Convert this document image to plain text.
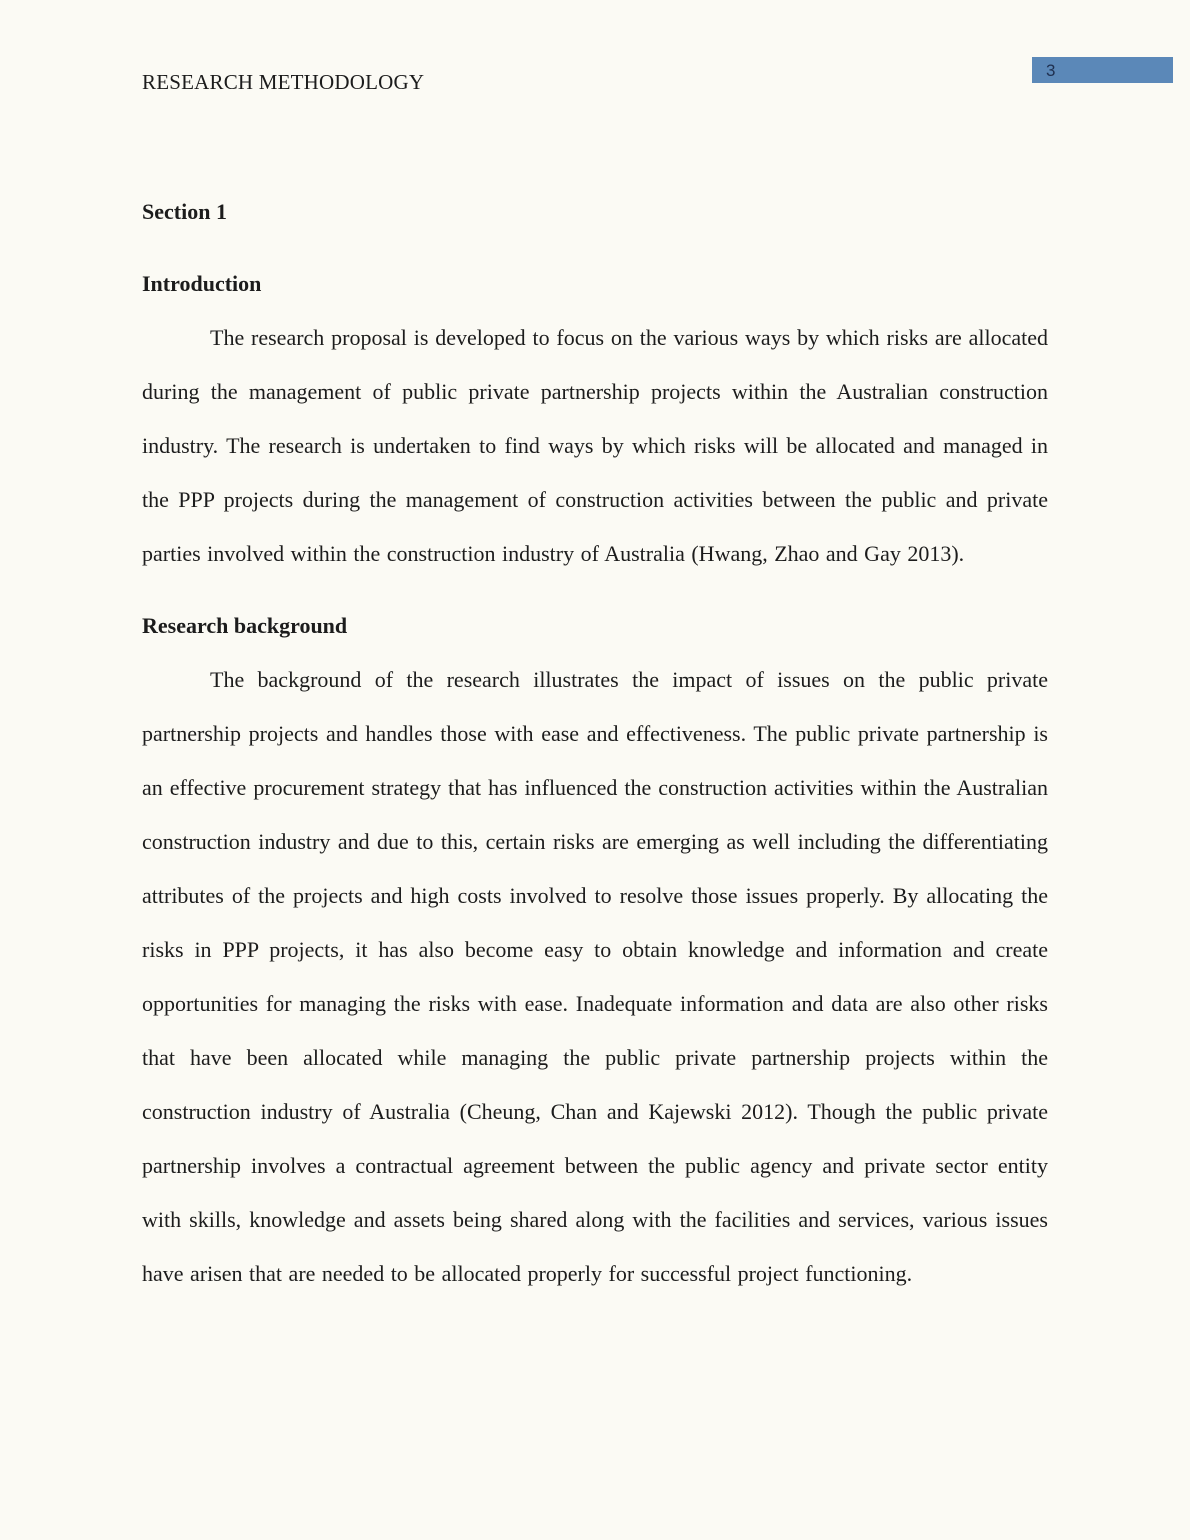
RESEARCH METHODOLOGY	3
Section 1
Introduction

The research proposal is developed to focus on the various ways by which risks are allocated during the management of public private partnership projects within the Australian construction industry. The research is undertaken to find ways by which risks will be allocated and managed in the PPP projects during the management of construction activities between the public and private parties involved within the construction industry of Australia (Hwang, Zhao and Gay 2013).

Research background

The background of the research illustrates the impact of issues on the public private partnership projects and handles those with ease and effectiveness. The public private partnership is an effective procurement strategy that has influenced the construction activities within the Australian construction industry and due to this, certain risks are emerging as well including the differentiating attributes of the projects and high costs involved to resolve those issues properly. By allocating the risks in PPP projects, it has also become easy to obtain knowledge and information and create opportunities for managing the risks with ease. Inadequate information and data are also other risks that have been allocated while managing the public private partnership projects within the construction industry of Australia (Cheung, Chan and Kajewski 2012). Though the public private partnership involves a contractual agreement between the public agency and private sector entity with skills, knowledge and assets being shared along with the facilities and services, various issues have arisen that are needed to be allocated properly for successful project functioning.
